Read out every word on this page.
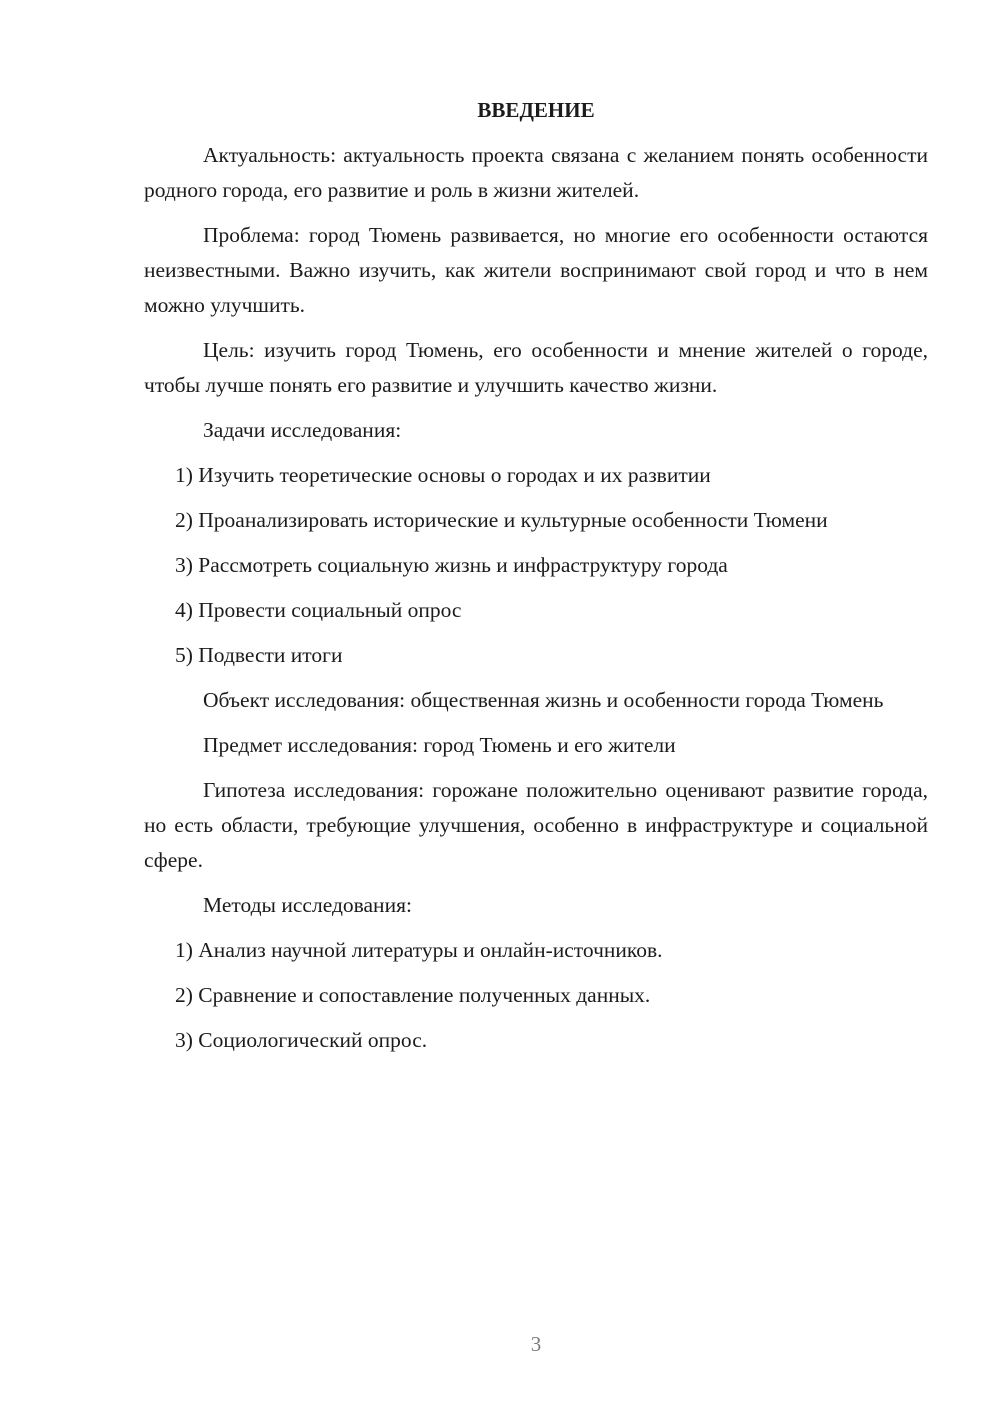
ВВЕДЕНИЕ

Актуальность: актуальность проекта связана с желанием понять особенности родного города, его развитие и роль в жизни жителей.

Проблема: город Тюмень развивается, но многие его особенности остаются неизвестными. Важно изучить, как жители воспринимают свой город и что в нем можно улучшить.

Цель: изучить город Тюмень, его особенности и мнение жителей о городе, чтобы лучше понять его развитие и улучшить качество жизни.

Задачи исследования:

1) Изучить теоретические основы о городах и их развитии

2) Проанализировать исторические и культурные особенности Тюмени

3) Рассмотреть социальную жизнь и инфраструктуру города

4) Провести социальный опрос

5) Подвести итоги

Объект исследования: общественная жизнь и особенности города Тюмень

Предмет исследования: город Тюмень и его жители

Гипотеза исследования: горожане положительно оценивают развитие города, но есть области, требующие улучшения, особенно в инфраструктуре и социальной сфере.

Методы исследования:

1) Анализ научной литературы и онлайн-источников.

2) Сравнение и сопоставление полученных данных.

3) Социологический опрос.

3
